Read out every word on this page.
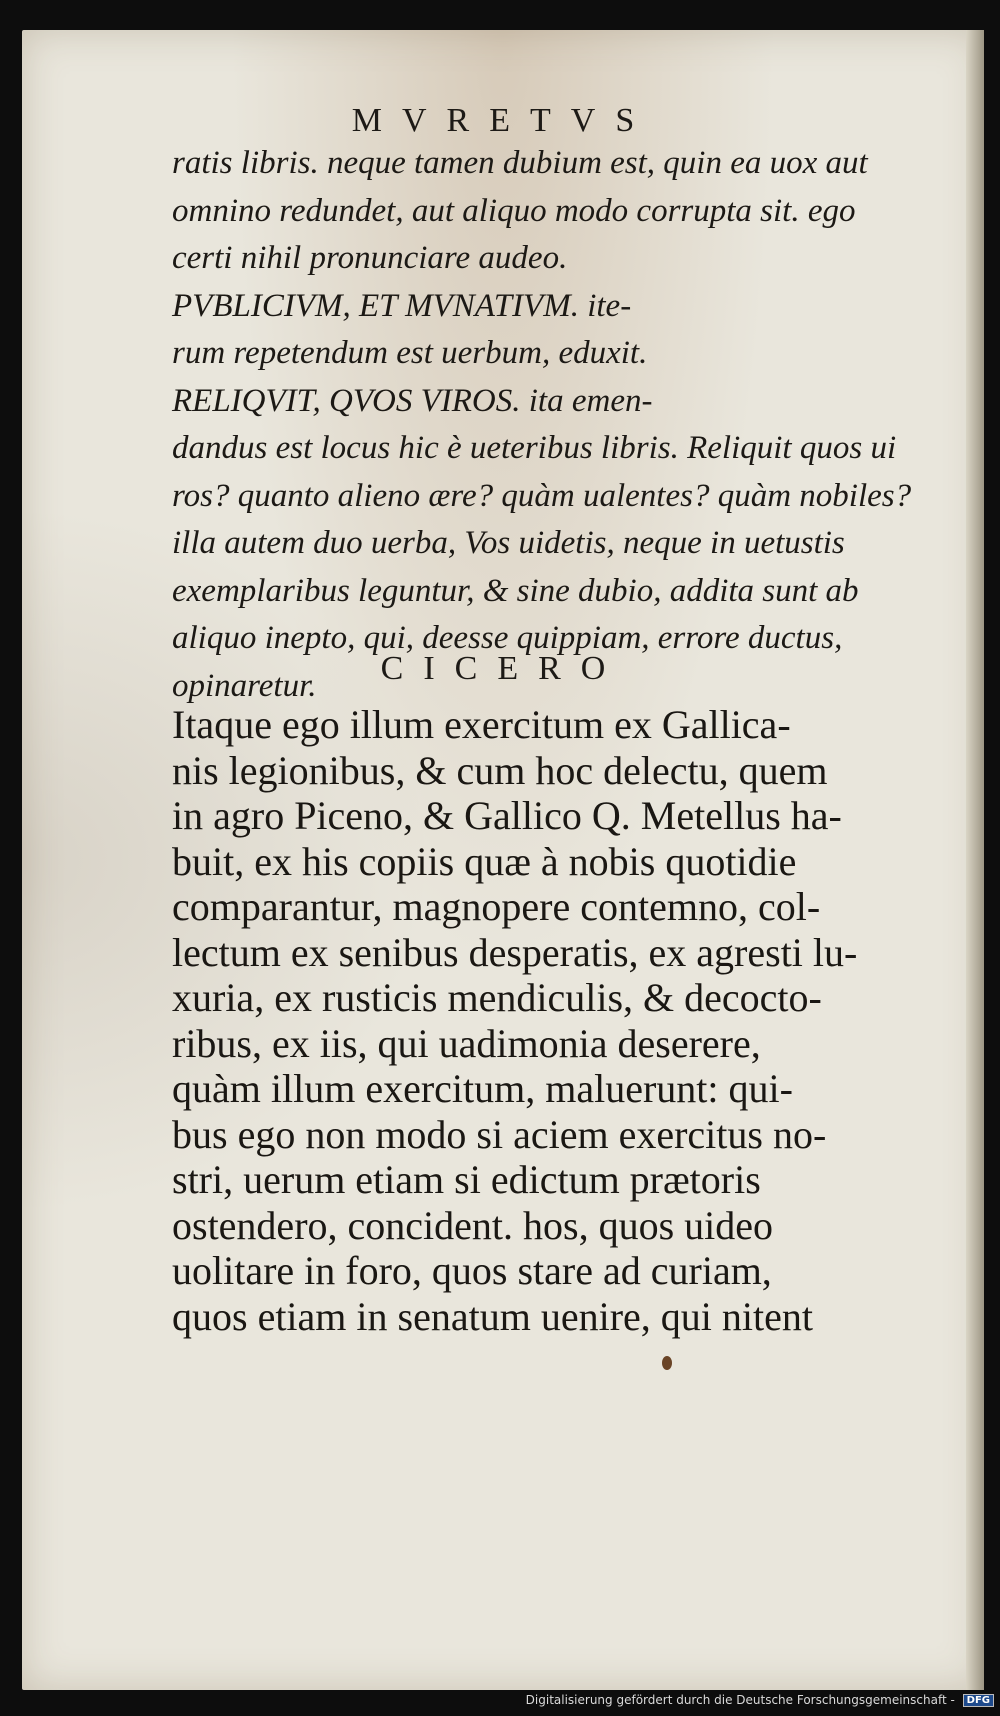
MVRETVS
ratis libris. neque tamen dubium est, quin ea uox aut
omnino redundet, aut aliquo modo corrupta sit. ego
certi nihil pronunciare audeo.
PVBLICIVM, ET MVNATIVM. ite-
rum repetendum est uerbum, eduxit.
RELIQVIT, QVOS VIROS. ita emen-
dandus est locus hic è ueteribus libris. Reliquit quos ui
ros? quanto alieno ære? quàm ualentes? quàm nobiles?
illa autem duo uerba, Vos uidetis, neque in uetustis
exemplaribus leguntur, & sine dubio, addita sunt ab
aliquo inepto, qui, deesse quippiam, errore ductus,
opinaretur.	CICERO
Itaque ego illum exercitum ex Gallica-
nis legionibus, & cum hoc delectu, quem
in agro Piceno, & Gallico Q. Metellus ha-
buit, ex his copiis quæ à nobis quotidie
comparantur, magnopere contemno, col-
lectum ex senibus desperatis, ex agresti lu-
xuria, ex rusticis mendiculis, & decocto-
ribus, ex iis, qui uadimonia deserere,
quàm illum exercitum, maluerunt: qui-
bus ego non modo si aciem exercitus no-
stri, uerum etiam si edictum prætoris
ostendero, concident. hos, quos uideo
uolitare in foro, quos stare ad curiam,
quos etiam in senatum uenire, qui nitent
Digitalisierung gefördert durch die Deutsche Forschungsgemeinschaft - DFG
